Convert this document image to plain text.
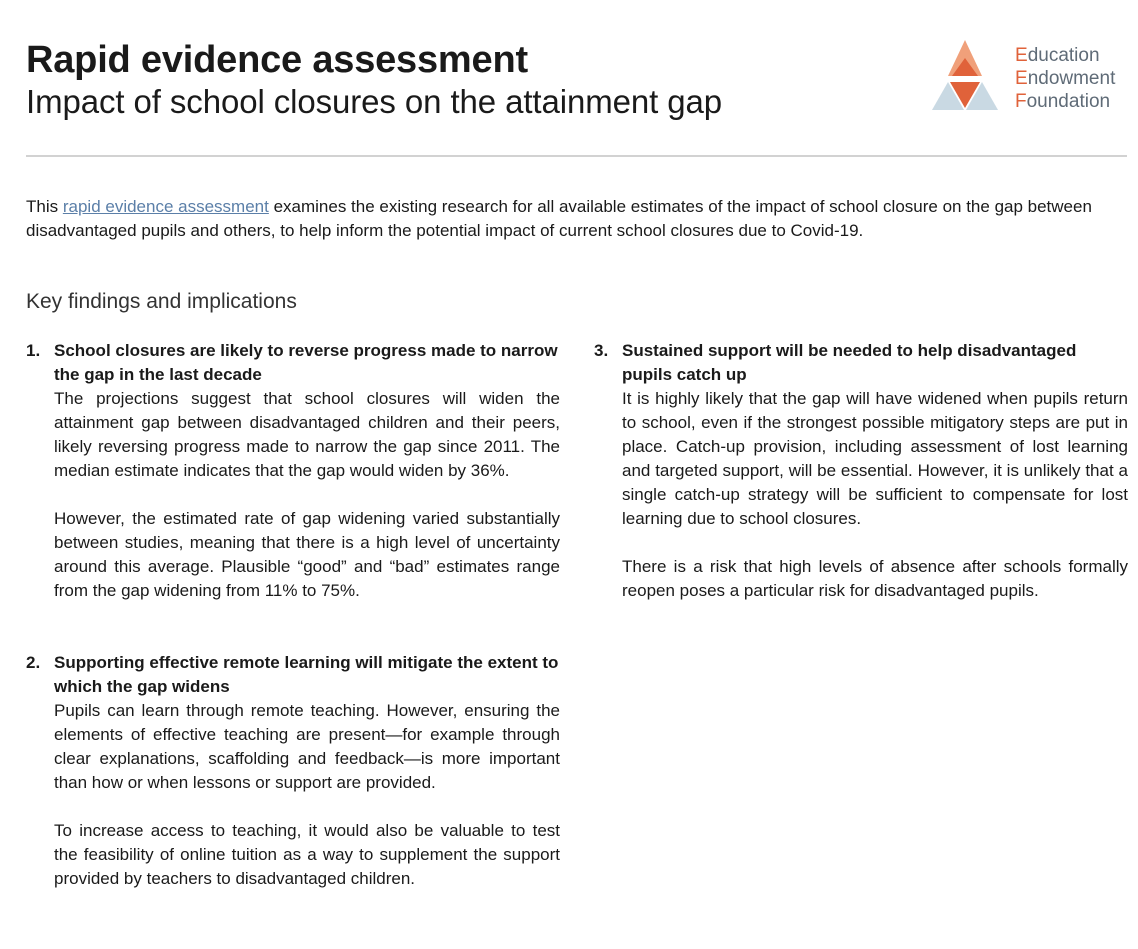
Rapid evidence assessment
Impact of school closures on the attainment gap
Education
Endowment
Foundation

This rapid evidence assessment examines the existing research for all available estimates of the impact of school closure on the gap between disadvantaged pupils and others, to help inform the potential impact of current school closures due to Covid-19.

Key findings and implications
1. School closures are likely to reverse progress made to narrow the gap in the last decade

The projections suggest that school closures will widen the attainment gap between disadvantaged children and their peers, likely reversing progress made to narrow the gap since 2011. The median estimate indicates that the gap would widen by 36%.

However, the estimated rate of gap widening varied substantially between studies, meaning that there is a high level of uncertainty around this average. Plausible “good” and “bad” estimates range from the gap widening from 11% to 75%.

2. Supporting effective remote learning will mitigate the extent to which the gap widens

Pupils can learn through remote teaching. However, ensuring the elements of effective teaching are present—for example through clear explanations, scaffolding and feedback—is more important than how or when lessons or support are provided.

To increase access to teaching, it would also be valuable to test the feasibility of online tuition as a way to supplement the support provided by teachers to disadvantaged children.

3. Sustained support will be needed to help disadvantaged pupils catch up

It is highly likely that the gap will have widened when pupils return to school, even if the strongest possible mitigatory steps are put in place. Catch-up provision, including assessment of lost learning and targeted support, will be essential. However, it is unlikely that a single catch-up strategy will be sufficient to compensate for lost learning due to school closures.

There is a risk that high levels of absence after schools formally reopen poses a particular risk for disadvantaged pupils.
